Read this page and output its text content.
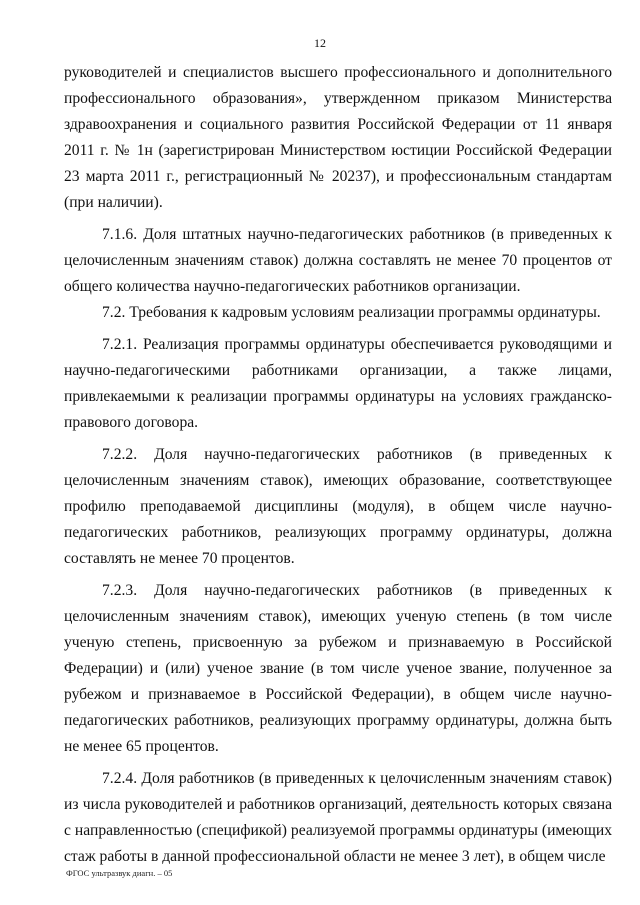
12

руководителей и специалистов высшего профессионального и дополнительного профессионального образования», утвержденном приказом Министерства здравоохранения и социального развития Российской Федерации от 11 января 2011 г. № 1н (зарегистрирован Министерством юстиции Российской Федерации 23 марта 2011 г., регистрационный № 20237), и профессиональным стандартам (при наличии).

7.1.6. Доля штатных научно-педагогических работников (в приведенных к целочисленным значениям ставок) должна составлять не менее 70 процентов от общего количества научно-педагогических работников организации.

7.2. Требования к кадровым условиям реализации программы ординатуры.

7.2.1. Реализация программы ординатуры обеспечивается руководящими и научно-педагогическими работниками организации, а также лицами, привлекаемыми к реализации программы ординатуры на условиях гражданско-правового договора.

7.2.2. Доля научно-педагогических работников (в приведенных к целочисленным значениям ставок), имеющих образование, соответствующее профилю преподаваемой дисциплины (модуля), в общем числе научно-педагогических работников, реализующих программу ординатуры, должна составлять не менее 70 процентов.

7.2.3. Доля научно-педагогических работников (в приведенных к целочисленным значениям ставок), имеющих ученую степень (в том числе ученую степень, присвоенную за рубежом и признаваемую в Российской Федерации) и (или) ученое звание (в том числе ученое звание, полученное за рубежом и признаваемое в Российской Федерации), в общем числе научно-педагогических работников, реализующих программу ординатуры, должна быть не менее 65 процентов.

7.2.4. Доля работников (в приведенных к целочисленным значениям ставок) из числа руководителей и работников организаций, деятельность которых связана с направленностью (спецификой) реализуемой программы ординатуры (имеющих стаж работы в данной профессиональной области не менее 3 лет), в общем числе

ФГОС ультразвук диагн. – 05
